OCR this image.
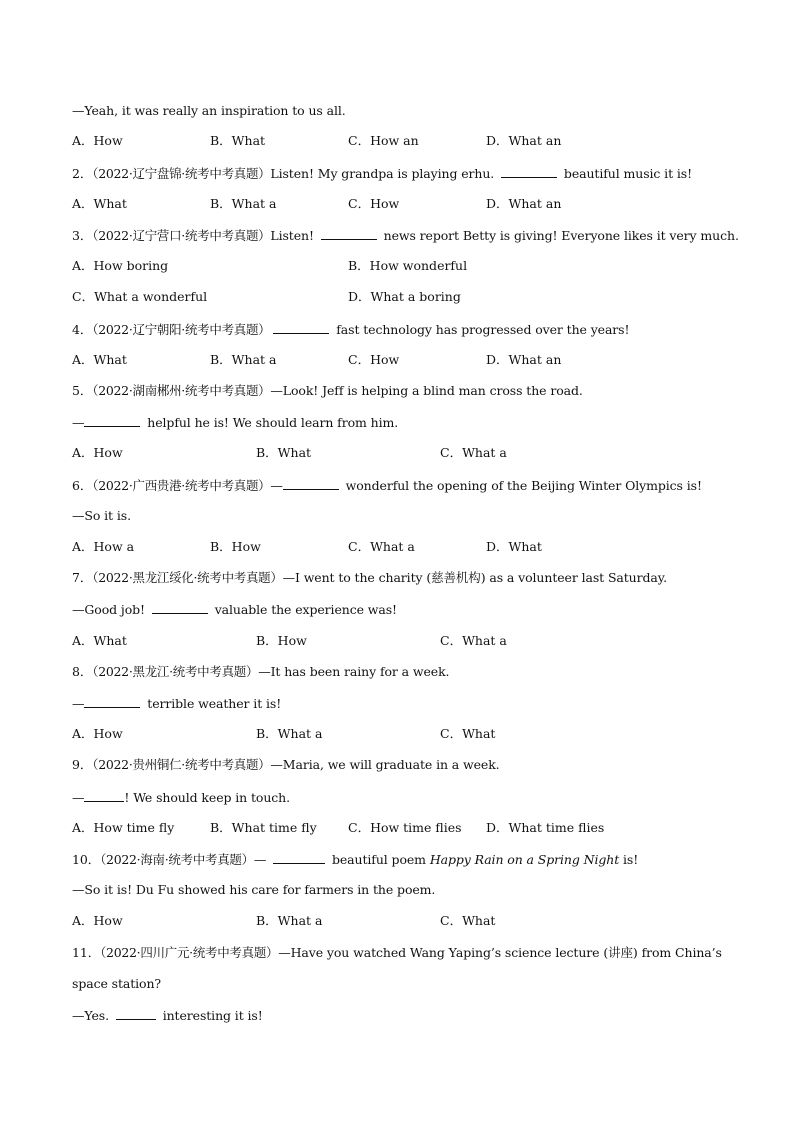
—Yeah, it was really an inspiration to us all.
A．How	B．What	C．How an	D．What an
2．（2022·辽宁盘锦·统考中考真题）Listen! My grandpa is playing erhu.	beautiful music it is!
A．What	B．What a	C．How	D．What an
3．（2022·辽宁营口·统考中考真题）Listen!	news report Betty is giving! Everyone likes it very much.
A．How boring	B．How wonderful
C．What a wonderful	D．What a boring
4．（2022·辽宁朝阳·统考中考真题）	fast technology has progressed over the years!
A．What	B．What a	C．How	D．What an
5．（2022·湖南郴州·统考中考真题）—Look! Jeff is helping a blind man cross the road.
—	helpful he is! We should learn from him.
A．How	B．What	C．What a
6．（2022·广西贵港·统考中考真题）—	wonderful the opening of the Beijing Winter Olympics is!
—So it is.
A．How a	B．How	C．What a	D．What
7．（2022·黑龙江绥化·统考中考真题）—I went to the charity (慈善机构) as a volunteer last Saturday.
—Good job!	valuable the experience was!
A．What	B．How	C．What a
8．（2022·黑龙江·统考中考真题）—It has been rainy for a week.
—	terrible weather it is!
A．How	B．What a	C．What
9．（2022·贵州铜仁·统考中考真题）—Maria, we will graduate in a week.
—	! We should keep in touch.
A．How time fly	B．What time fly	C．How time flies D．What time flies
10．（2022·海南·统考中考真题）—	beautiful poem Happy Rain on a Spring Night is!
—So it is! Du Fu showed his care for farmers in the poem.
A．How	B．What a	C．What
11．（2022·四川广元·统考中考真题）—Have you watched Wang Yaping’s science lecture (讲座) from China’s
space station?
—Yes.	interesting it is!
